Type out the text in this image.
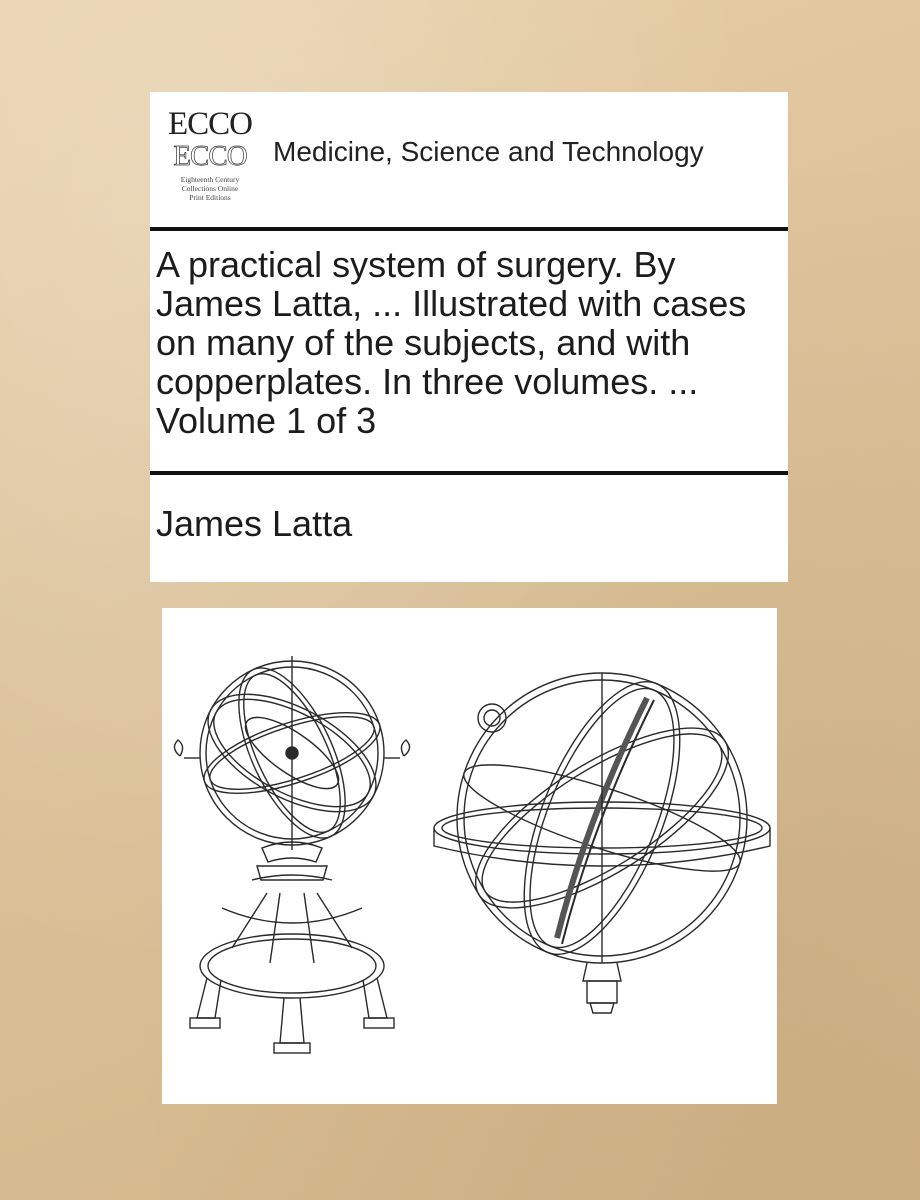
ECCO
ECCO
Eighteenth Century
Collections Online
Print Editions
Medicine, Science and Technology
A practical system of surgery. By James Latta, ... Illustrated with cases on many of the subjects, and with copperplates. In three volumes. ... Volume 1 of 3
James Latta
